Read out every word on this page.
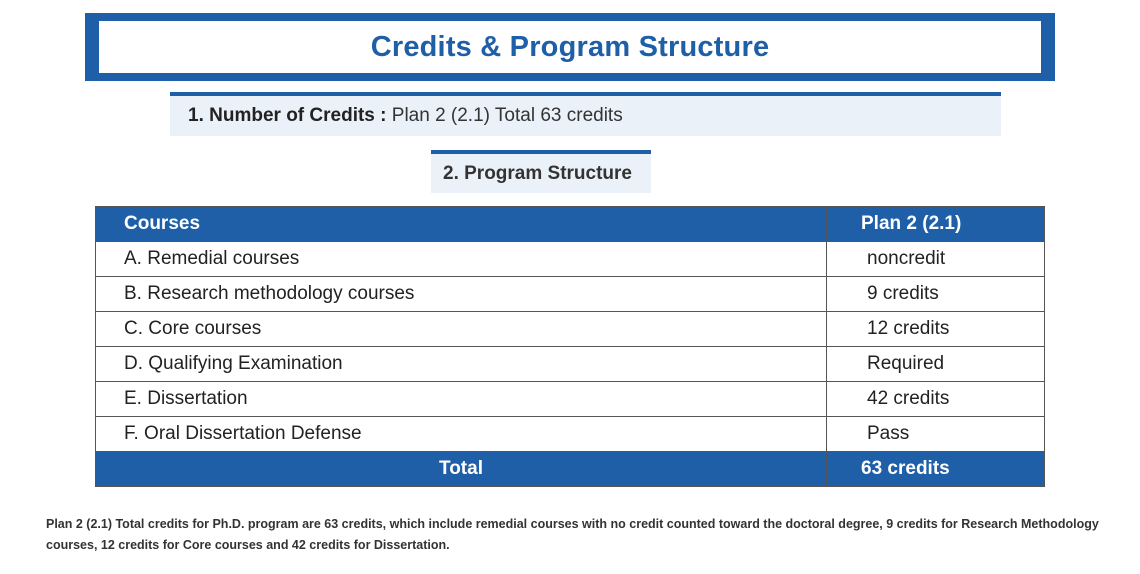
Credits & Program Structure
1. Number of Credits :
Plan 2 (2.1) Total 63 credits
2. Program Structure
Courses	Plan 2 (2.1)
A. Remedial courses	noncredit
B. Research methodology courses	9 credits
C. Core courses	12 credits
D. Qualifying Examination	Required
E. Dissertation	42 credits
F. Oral Dissertation Defense	Pass
Total	63 credits
Plan 2 (2.1) Total credits for Ph.D. program are 63 credits, which include remedial courses with no credit counted toward the doctoral degree, 9 credits for Research Methodology courses, 12 credits for Core courses and 42 credits for Dissertation.
